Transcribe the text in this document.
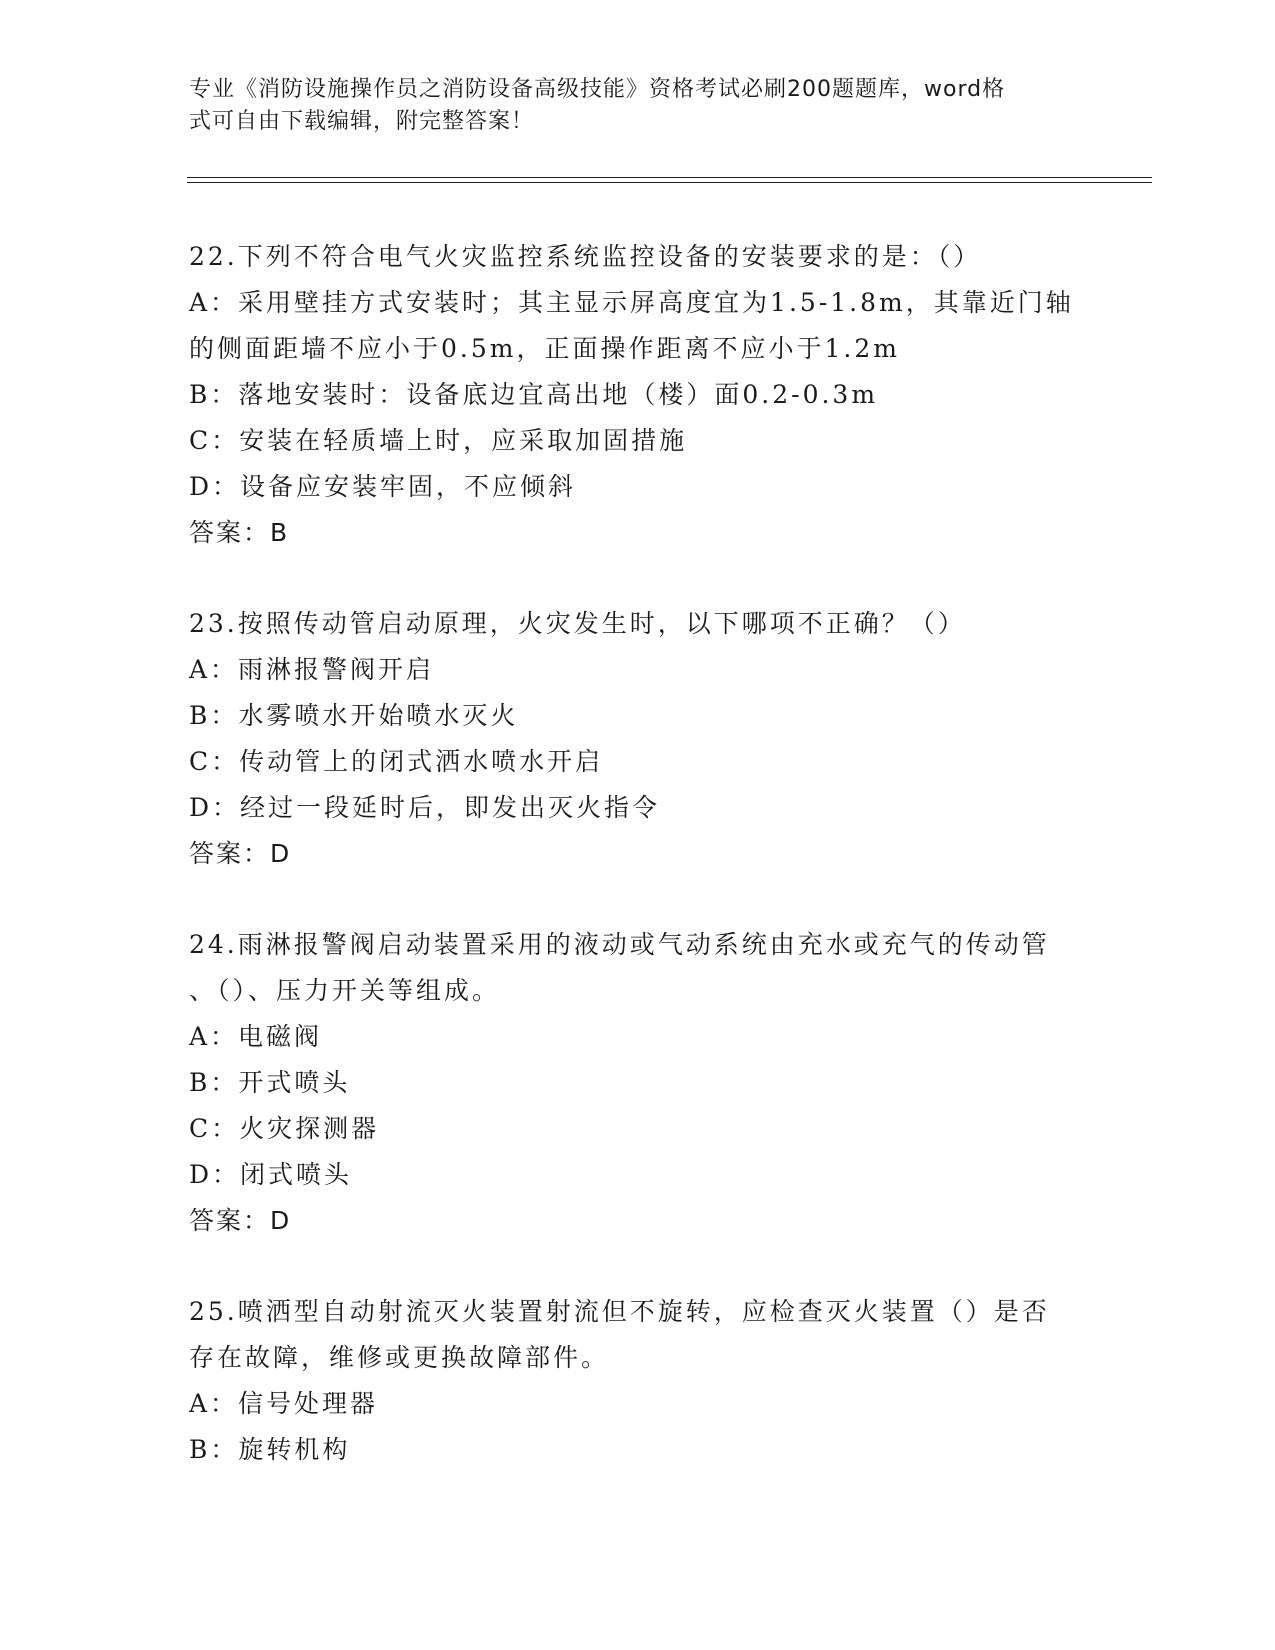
专业《消防设施操作员之消防设备高级技能》资格考试必刷200题题库，word格
式可自由下载编辑，附完整答案！
22.下列不符合电气火灾监控系统监控设备的安装要求的是：（）
A：采用壁挂方式安装时；其主显示屏高度宜为1.5-1.8m，其靠近门轴
的侧面距墙不应小于0.5m，正面操作距离不应小于1.2m
B：落地安装时：设备底边宜高出地（楼）面0.2-0.3m
C：安装在轻质墙上时，应采取加固措施
D：设备应安装牢固，不应倾斜
答案：B
23.按照传动管启动原理，火灾发生时，以下哪项不正确？（）
A：雨淋报警阀开启
B：水雾喷水开始喷水灭火
C：传动管上的闭式洒水喷水开启
D：经过一段延时后，即发出灭火指令
答案：D
24.雨淋报警阀启动装置采用的液动或气动系统由充水或充气的传动管
、（）、压力开关等组成。
A：电磁阀
B：开式喷头
C：火灾探测器
D：闭式喷头
答案：D
25.喷洒型自动射流灭火装置射流但不旋转，应检查灭火装置（）是否
存在故障，维修或更换故障部件。
A：信号处理器
B：旋转机构
